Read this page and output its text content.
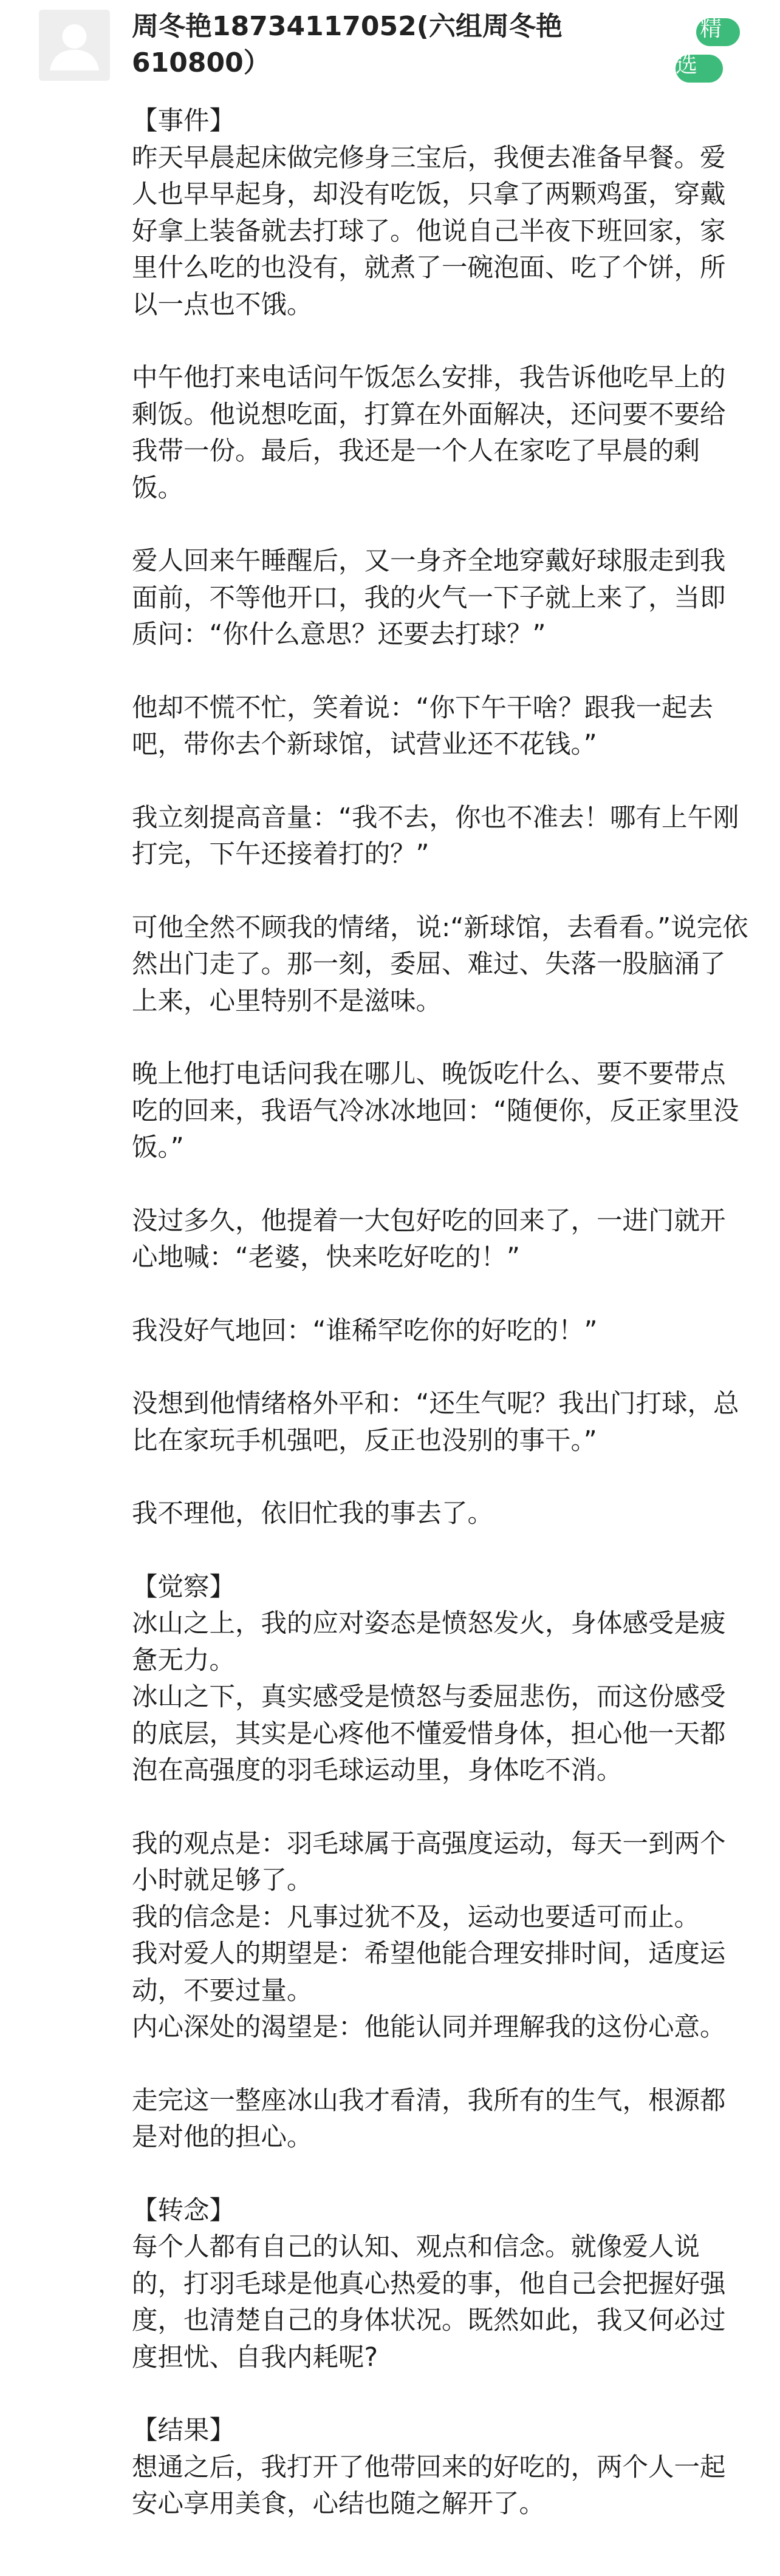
周冬艳18734117052(六组周冬艳610800）
精选

【事件】
昨天早晨起床做完修身三宝后，我便去准备早餐。爱人也早早起身，却没有吃饭，只拿了两颗鸡蛋，穿戴好拿上装备就去打球了。他说自己半夜下班回家，家里什么吃的也没有，就煮了一碗泡面、吃了个饼，所以一点也不饿。

中午他打来电话问午饭怎么安排，我告诉他吃早上的剩饭。他说想吃面，打算在外面解决，还问要不要给我带一份。最后，我还是一个人在家吃了早晨的剩饭。

爱人回来午睡醒后，又一身齐全地穿戴好球服走到我面前，不等他开口，我的火气一下子就上来了，当即质问：“你什么意思？还要去打球？”

他却不慌不忙，笑着说：“你下午干啥？跟我一起去吧，带你去个新球馆，试营业还不花钱。”

我立刻提高音量：“我不去，你也不准去！哪有上午刚打完，下午还接着打的？”

可他全然不顾我的情绪，说:“新球馆，去看看。”说完依然出门走了。那一刻，委屈、难过、失落一股脑涌了上来，心里特别不是滋味。

晚上他打电话问我在哪儿、晚饭吃什么、要不要带点吃的回来，我语气冷冰冰地回：“随便你，反正家里没饭。”

没过多久，他提着一大包好吃的回来了，一进门就开心地喊：“老婆，快来吃好吃的！”

我没好气地回：“谁稀罕吃你的好吃的！”

没想到他情绪格外平和：“还生气呢？我出门打球，总比在家玩手机强吧，反正也没别的事干。”

我不理他，依旧忙我的事去了。

【觉察】
冰山之上，我的应对姿态是愤怒发火，身体感受是疲惫无力。
冰山之下，真实感受是愤怒与委屈悲伤，而这份感受的底层，其实是心疼他不懂爱惜身体，担心他一天都泡在高强度的羽毛球运动里，身体吃不消。

我的观点是：羽毛球属于高强度运动，每天一到两个小时就足够了。
我的信念是：凡事过犹不及，运动也要适可而止。
我对爱人的期望是：希望他能合理安排时间，适度运动，不要过量。
内心深处的渴望是：他能认同并理解我的这份心意。

走完这一整座冰山我才看清，我所有的生气，根源都是对他的担心。

【转念】
每个人都有自己的认知、观点和信念。就像爱人说的，打羽毛球是他真心热爱的事，他自己会把握好强度，也清楚自己的身体状况。既然如此，我又何必过度担忧、自我内耗呢?

【结果】
想通之后，我打开了他带回来的好吃的，两个人一起安心享用美食，心结也随之解开了。
